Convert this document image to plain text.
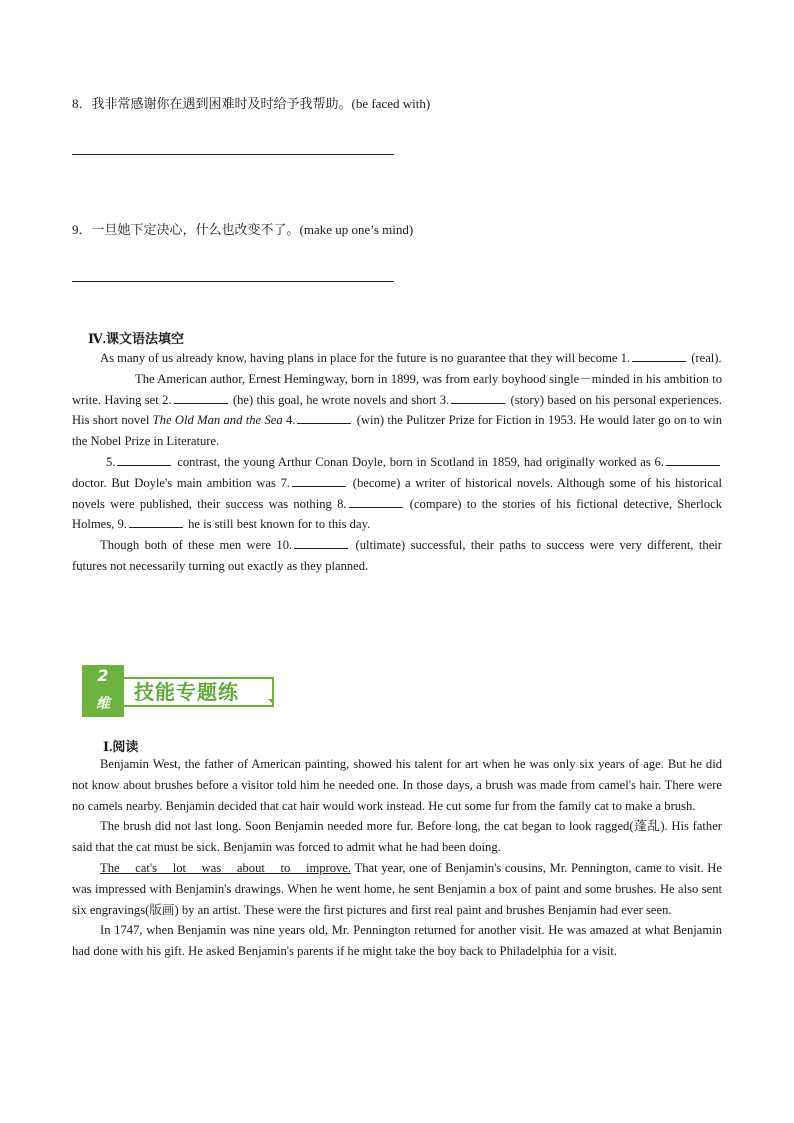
8．我非常感谢你在遇到困难时及时给予我帮助。(be faced with)
9．一旦她下定决心，什么也改变不了。(make up one’s mind)
Ⅳ.课文语法填空

As many of us already know, having plans in place for the future is no guarantee that they will become 1.	(real).

The American author, Ernest Hemingway, born in 1899, was from early boyhood single－minded in his ambition to write. Having set 2.	(he) this goal, he wrote novels and short 3.	(story) based on his personal experiences. His short novel The Old Man and the Sea 4.	(win) the Pulitzer Prize for Fiction in 1953. He would later go on to win the Nobel Prize in Literature.

5.	contrast, the young Arthur Conan Doyle, born in Scotland in 1859, had originally worked as 6. doctor. But Doyle's main ambition was 7.	(become) a writer of historical novels. Although some of his historical novels were published, their success was nothing 8.	(compare) to the stories of his fictional detective, Sherlock Holmes, 9.	he is still best known for to this day.

Though both of these men were 10.	(ultimate) successful, their paths to success were very different, their futures not necessarily turning out exactly as they planned.

2
维	技能专题练
Ⅰ.阅读

Benjamin West, the father of American painting, showed his talent for art when he was only six years of age. But he did not know about brushes before a visitor told him he needed one. In those days, a brush was made from camel's hair. There were no camels nearby. Benjamin decided that cat hair would work instead. He cut some fur from the family cat to make a brush.

The brush did not last long. Soon Benjamin needed more fur. Before long, the cat began to look ragged(蓬乱). His father said that the cat must be sick. Benjamin was forced to admit what he had been doing.

The cat's lot was about to improve. That year, one of Benjamin's cousins, Mr. Pennington, came to visit. He was impressed with Benjamin's drawings. When he went home, he sent Benjamin a box of paint and some brushes. He also sent six engravings(版画) by an artist. These were the first pictures and first real paint and brushes Benjamin had ever seen.

In 1747, when Benjamin was nine years old, Mr. Pennington returned for another visit. He was amazed at what Benjamin had done with his gift. He asked Benjamin's parents if he might take the boy back to Philadelphia for a visit.
